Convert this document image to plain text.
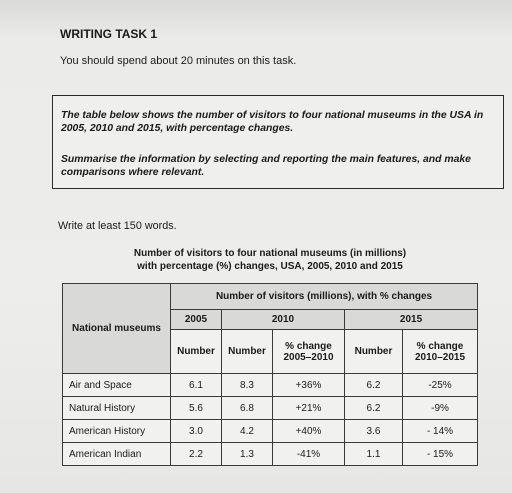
WRITING TASK 1
You should spend about 20 minutes on this task.
The table below shows the number of visitors to four national museums in the USA in 2005, 2010 and 2015, with percentage changes.
Summarise the information by selecting and reporting the main features, and make comparisons where relevant.
Write at least 150 words.
Number of visitors to four national museums (in millions)
with percentage (%) changes, USA, 2005, 2010 and 2015
National museums	Number of visitors (millions), with % changes				
	2005	2010		2015	
	Number	Number	% change 2005–2010	Number	% change 2010–2015
Air and Space	6.1	8.3	+36%	6.2	-25%
Natural History	5.6	6.8	+21%	6.2	-9%
American History	3.0	4.2	+40%	3.6	- 14%
American Indian	2.2	1.3	-41%	1.1	- 15%
